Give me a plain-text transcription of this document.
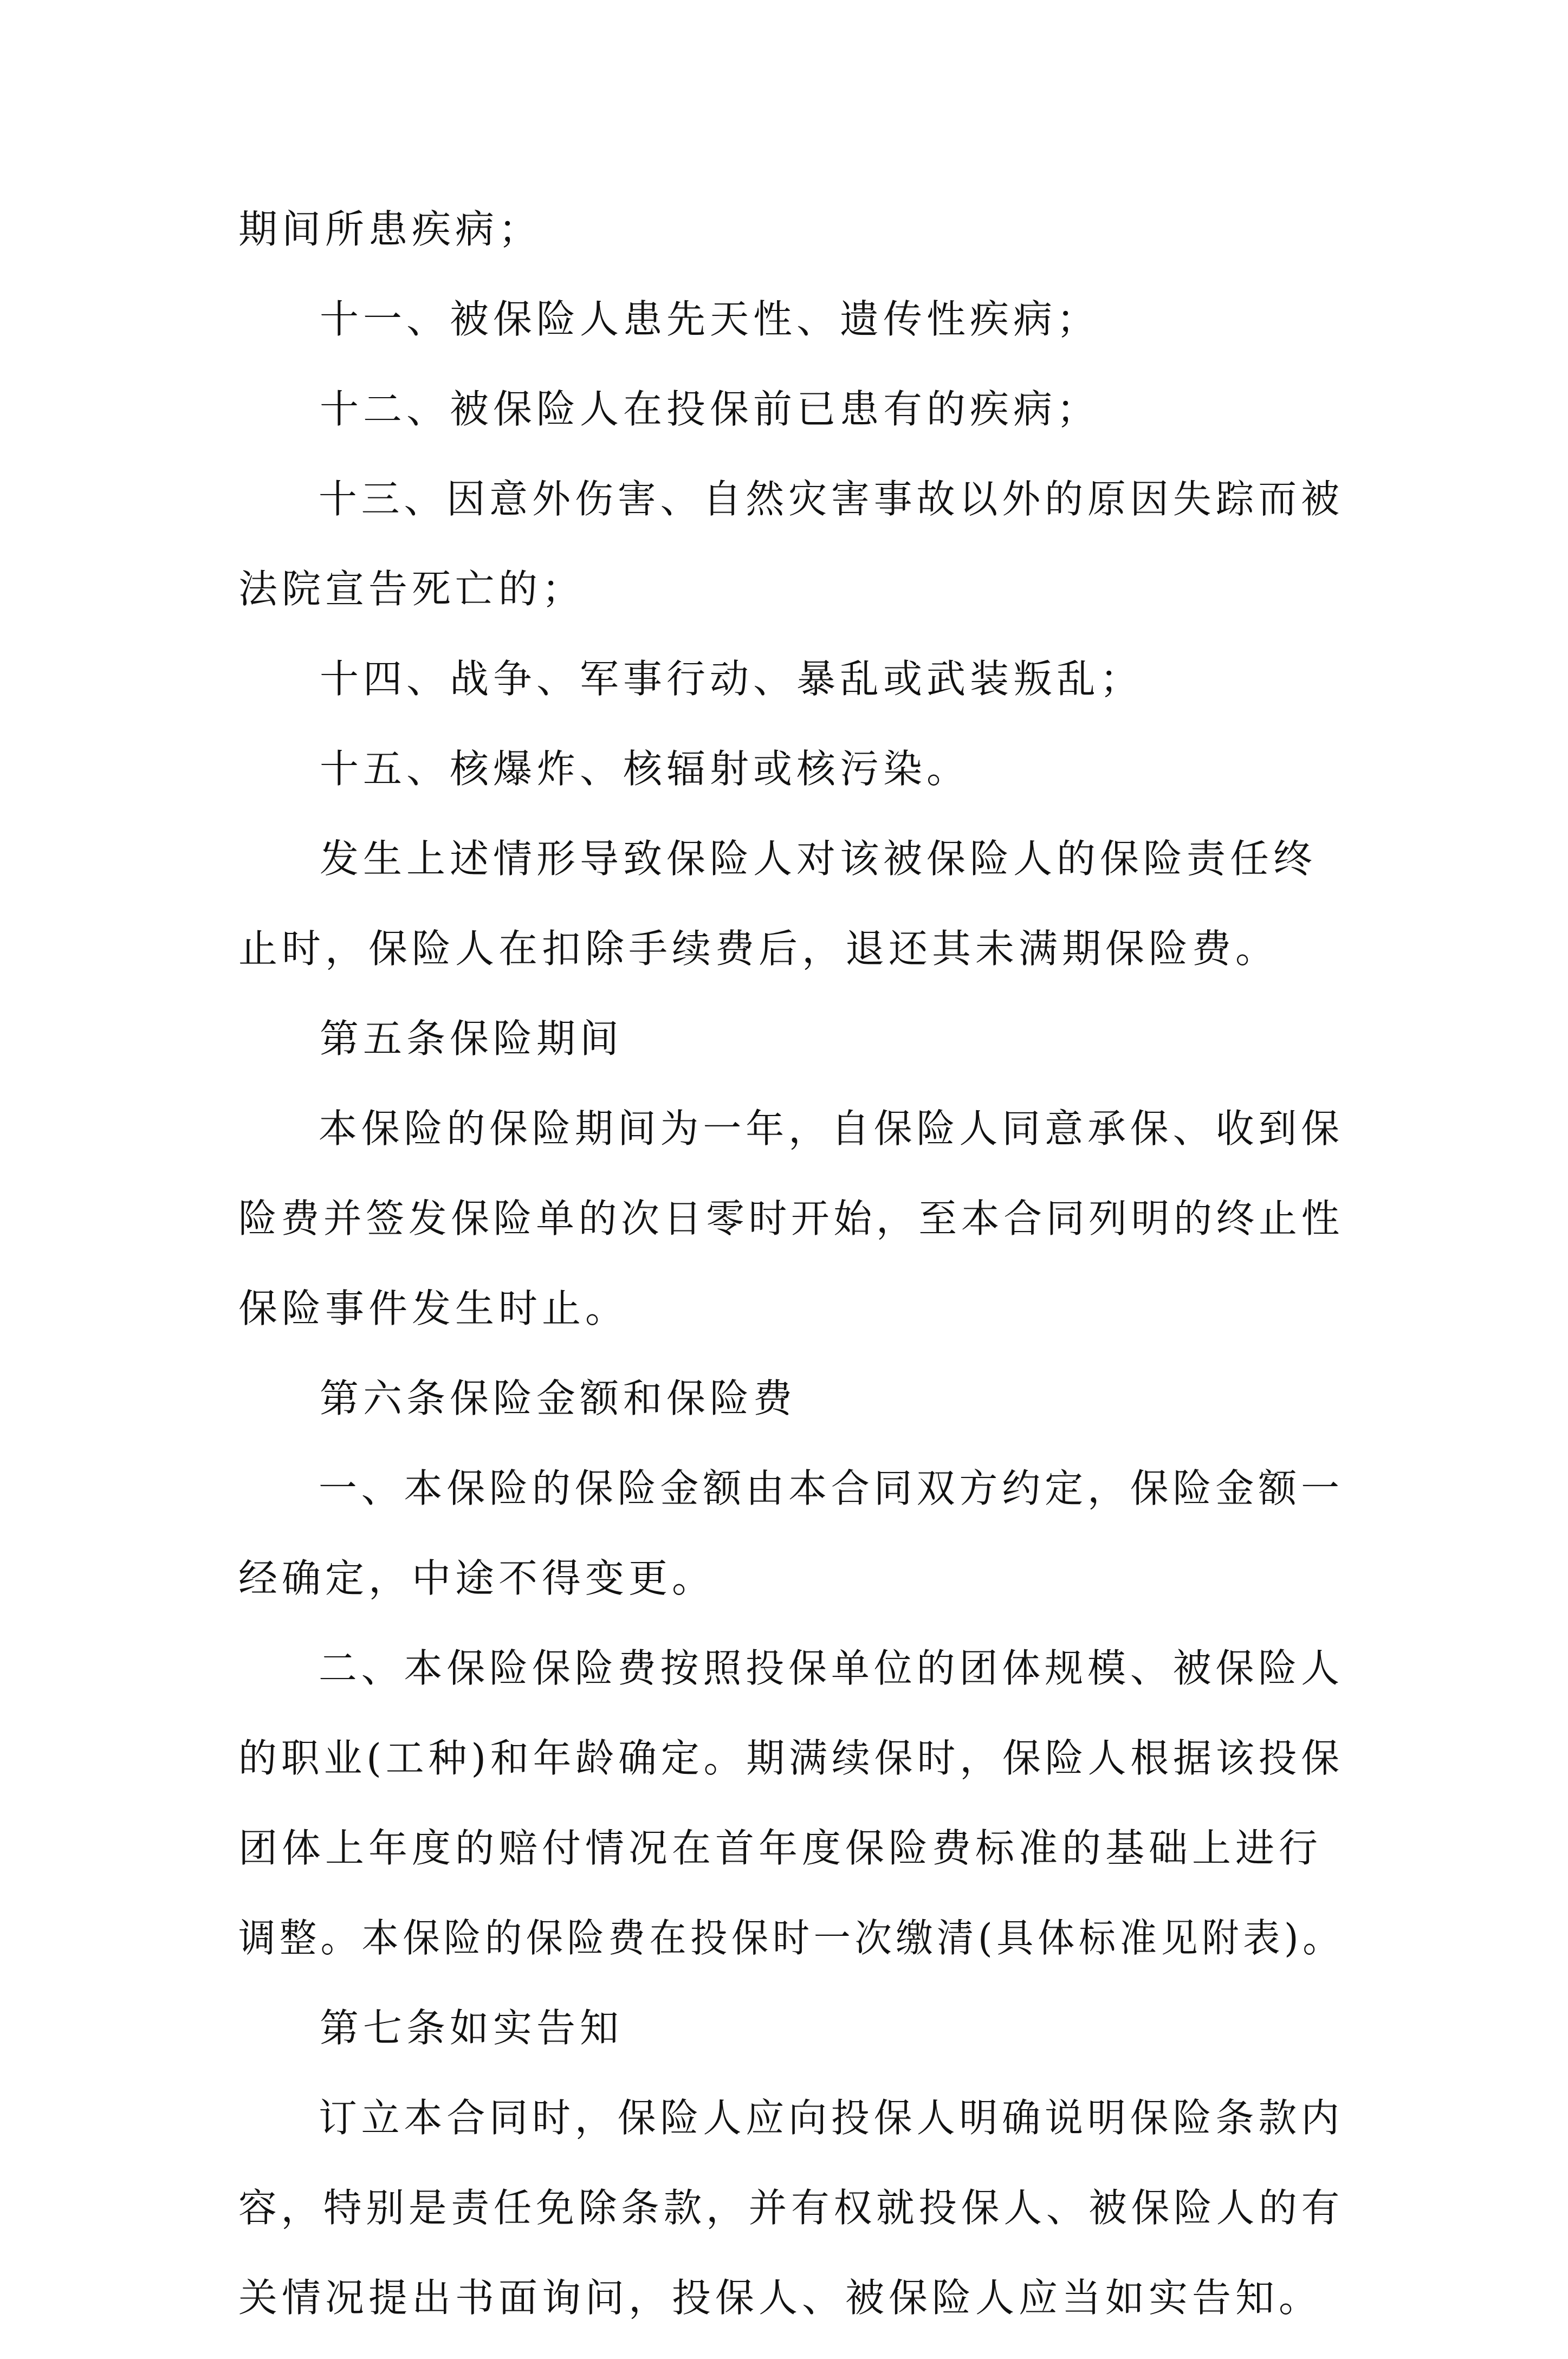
期间所患疾病；
十一、被保险人患先天性、遗传性疾病；
十二、被保险人在投保前已患有的疾病；
十三、因意外伤害、自然灾害事故以外的原因失踪而被
法院宣告死亡的；
十四、战争、军事行动、暴乱或武装叛乱；
十五、核爆炸、核辐射或核污染。
发生上述情形导致保险人对该被保险人的保险责任终
止时，保险人在扣除手续费后，退还其未满期保险费。
第五条保险期间
本保险的保险期间为一年，自保险人同意承保、收到保
险费并签发保险单的次日零时开始，至本合同列明的终止性
保险事件发生时止。
第六条保险金额和保险费
一、本保险的保险金额由本合同双方约定，保险金额一
经确定，中途不得变更。
二、本保险保险费按照投保单位的团体规模、被保险人
的职业(工种)和年龄确定。期满续保时，保险人根据该投保
团体上年度的赔付情况在首年度保险费标准的基础上进行
调整。本保险的保险费在投保时一次缴清(具体标准见附表)。
第七条如实告知
订立本合同时，保险人应向投保人明确说明保险条款内
容，特别是责任免除条款，并有权就投保人、被保险人的有
关情况提出书面询问，投保人、被保险人应当如实告知。
